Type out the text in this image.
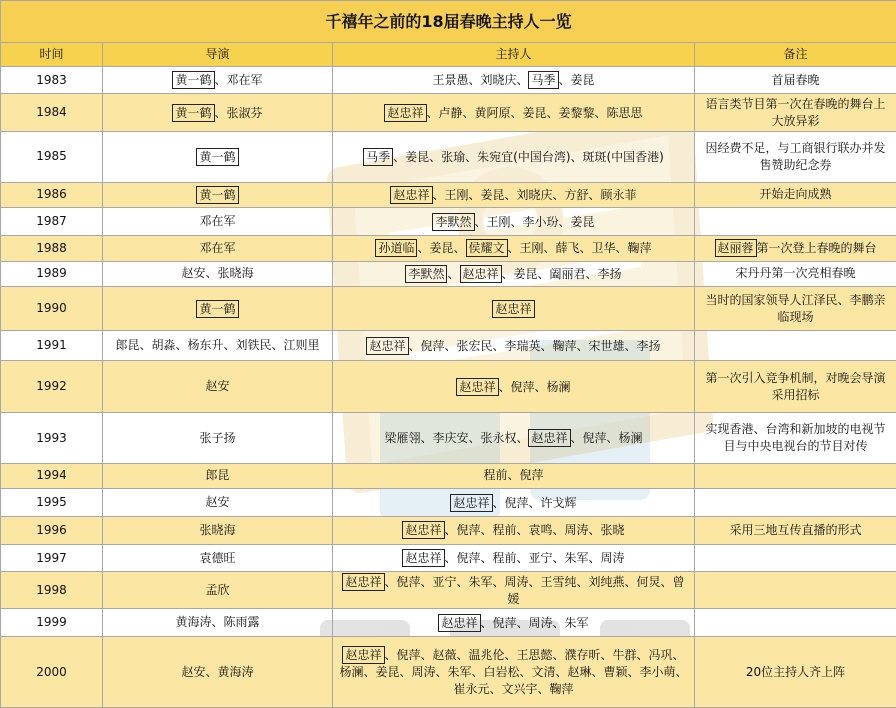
千禧年之前的18届春晚主持人一览			
时间	导演	主持人	备注
1983	黄一鹤 、邓在军	王景愚、刘晓庆、 马季 、姜昆	首届春晚
1984	黄一鹤 、张淑芬	赵忠祥 、卢静、黄阿原、姜昆、姜黎黎、陈思思	语言类节目第一次在春晚的舞台上大放异彩
1985	黄一鹤	马季 、姜昆、张瑜、朱宛宜(中国台湾)、斑斑(中国香港)	因经费不足，与工商银行联办并发售赞助纪念券
1986	黄一鹤	赵忠祥 、王刚、姜昆、刘晓庆、方舒、顾永菲	开始走向成熟
1987	邓在军	李默然 、王刚、李小玢、姜昆	
1988	邓在军	孙道临 、姜昆、 侯耀文 、王刚、薛飞、卫华、鞠萍	赵丽蓉 第一次登上春晚的舞台
1989	赵安、张晓海	李默然 、 赵忠祥 、姜昆、阖丽君、李扬	宋丹丹第一次亮相春晚
1990	黄一鹤	赵忠祥	当时的国家领导人江泽民、李鹏亲临现场
1991	郎昆、胡淼、杨东升、刘铁民、江则里	赵忠祥 、倪萍、张宏民、李瑞英、鞠萍、宋世雄、李扬	
1992	赵安	赵忠祥 、倪萍、杨澜	第一次引入竞争机制，对晚会导演采用招标
1993	张子扬	梁雁翎、李庆安、张永权、 赵忠祥 、倪萍、杨澜	实现香港、台湾和新加坡的电视节目与中央电视台的节目对传
1994	郎昆	程前、倪萍	
1995	赵安	赵忠祥 、倪萍、许戈辉	
1996	张晓海	赵忠祥 、倪萍、程前、袁鸣、周涛、张晓	采用三地互传直播的形式
1997	袁德旺	赵忠祥 、倪萍、程前、亚宁、朱军、周涛	
1998	孟欣	赵忠祥 、倪萍、亚宁、朱军、周涛、王雪纯、刘纯燕、何炅、曾媛	
1999	黄海涛、陈雨露	赵忠祥 、倪萍、周涛、朱军	
2000	赵安、黄海涛	赵忠祥 、倪萍、赵薇、温兆伦、王思懿、濮存昕、牛群、冯巩、杨澜、姜昆、周涛、朱军、白岩松、文清、赵琳、曹颖、李小萌、崔永元、文兴宇、鞠萍	20位主持人齐上阵
